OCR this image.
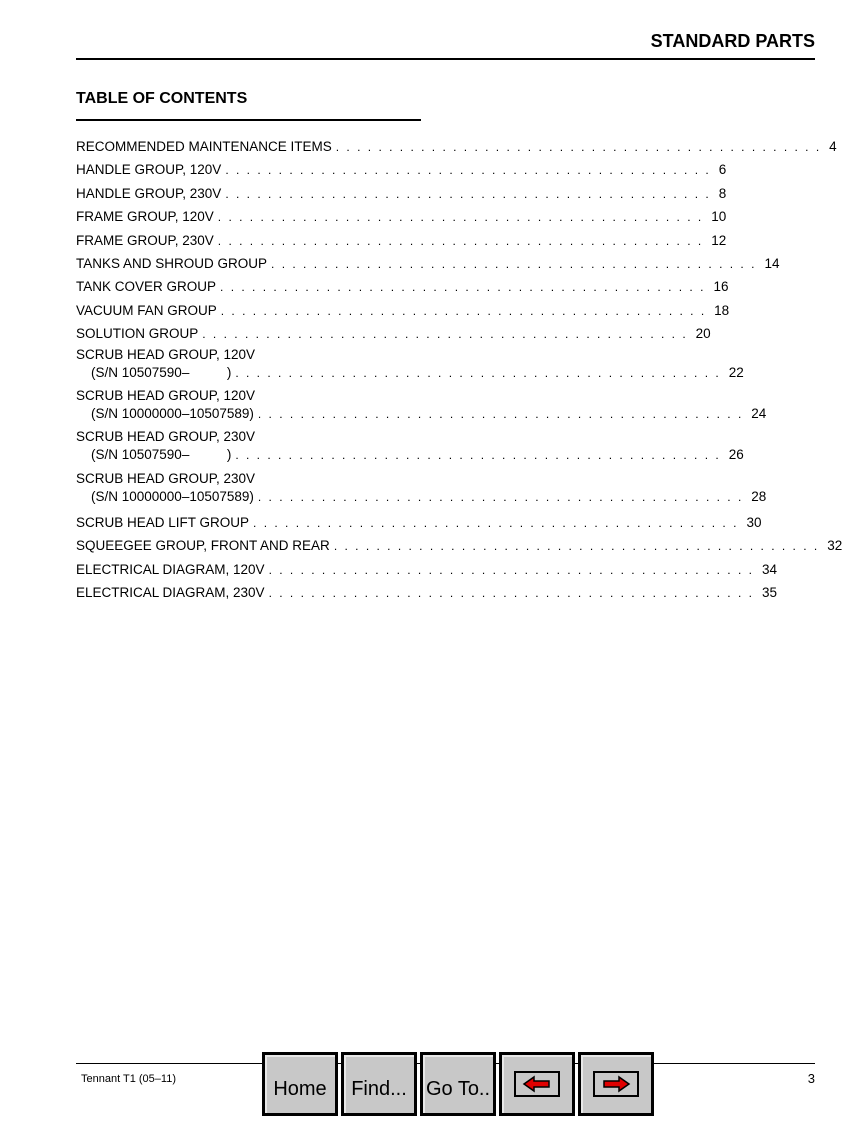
STANDARD PARTS
TABLE OF CONTENTS
RECOMMENDED MAINTENANCE ITEMS . . . . . . . . . . . . . . . . . . . . . . . . . . . . . . . . . . . . . . . . . . . . . . 4
HANDLE GROUP, 120V . . . . . . . . . . . . . . . . . . . . . . . . . . . . . . . . . . . . . . . . . . . . . . 6
HANDLE GROUP, 230V . . . . . . . . . . . . . . . . . . . . . . . . . . . . . . . . . . . . . . . . . . . . . . 8
FRAME GROUP, 120V . . . . . . . . . . . . . . . . . . . . . . . . . . . . . . . . . . . . . . . . . . . . . . 10
FRAME GROUP, 230V . . . . . . . . . . . . . . . . . . . . . . . . . . . . . . . . . . . . . . . . . . . . . . 12
TANKS AND SHROUD GROUP . . . . . . . . . . . . . . . . . . . . . . . . . . . . . . . . . . . . . . . . . . . . . . 14
TANK COVER GROUP . . . . . . . . . . . . . . . . . . . . . . . . . . . . . . . . . . . . . . . . . . . . . . 16
VACUUM FAN GROUP . . . . . . . . . . . . . . . . . . . . . . . . . . . . . . . . . . . . . . . . . . . . . . 18
SOLUTION GROUP . . . . . . . . . . . . . . . . . . . . . . . . . . . . . . . . . . . . . . . . . . . . . . 20
SCRUB HEAD GROUP, 120V
(S/N 10507590–          ) . . . . . . . . . . . . . . . . . . . . . . . . . . . . . . . . . . . . . . . . . . . . . . 22
SCRUB HEAD GROUP, 120V
(S/N 10000000–10507589) . . . . . . . . . . . . . . . . . . . . . . . . . . . . . . . . . . . . . . . . . . . . . . 24
SCRUB HEAD GROUP, 230V
(S/N 10507590–          ) . . . . . . . . . . . . . . . . . . . . . . . . . . . . . . . . . . . . . . . . . . . . . . 26
SCRUB HEAD GROUP, 230V
(S/N 10000000–10507589) . . . . . . . . . . . . . . . . . . . . . . . . . . . . . . . . . . . . . . . . . . . . . . 28
SCRUB HEAD LIFT GROUP . . . . . . . . . . . . . . . . . . . . . . . . . . . . . . . . . . . . . . . . . . . . . . 30
SQUEEGEE GROUP, FRONT AND REAR . . . . . . . . . . . . . . . . . . . . . . . . . . . . . . . . . . . . . . . . . . . . . . 32
ELECTRICAL DIAGRAM, 120V . . . . . . . . . . . . . . . . . . . . . . . . . . . . . . . . . . . . . . . . . . . . . . 34
ELECTRICAL DIAGRAM, 230V . . . . . . . . . . . . . . . . . . . . . . . . . . . . . . . . . . . . . . . . . . . . . . 35
Tennant T1 (05–11)	3
Home Find... Go To..
